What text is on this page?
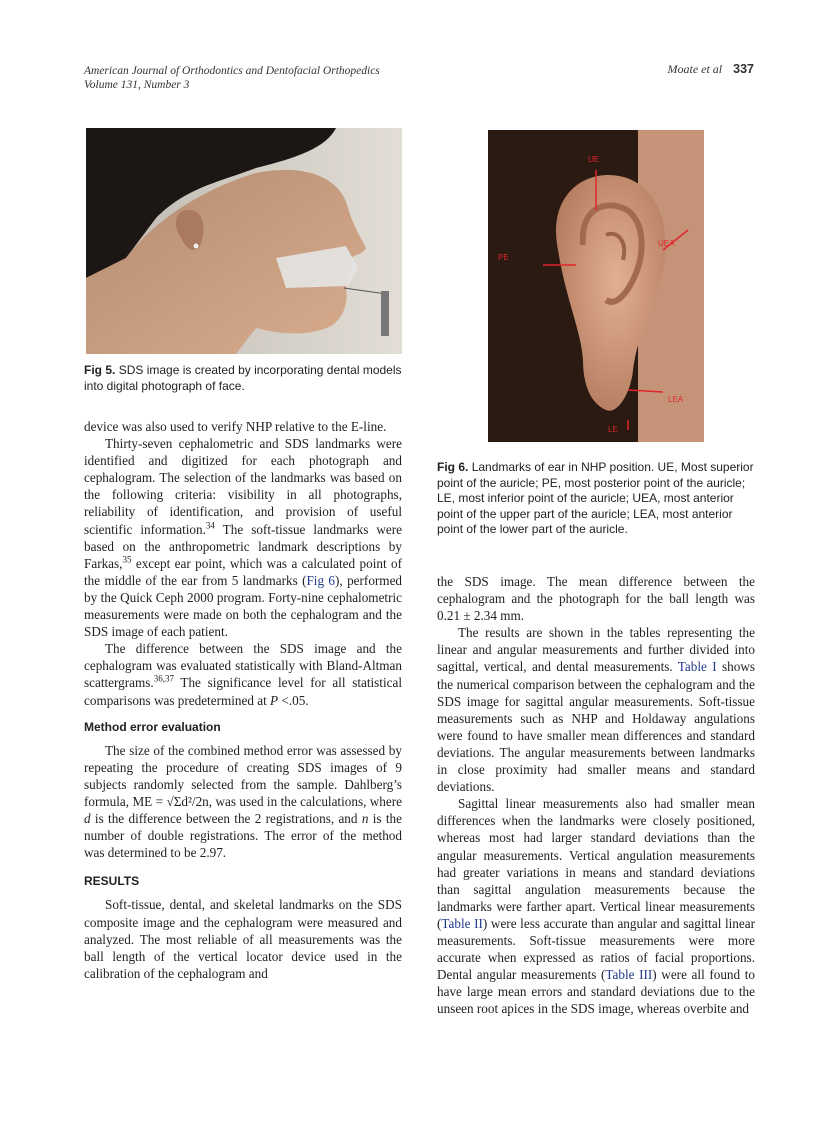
American Journal of Orthodontics and Dentofacial Orthopedics
Volume 131, Number 3
Moate et al 337
Fig 5. SDS image is created by incorporating dental models into digital photograph of face.
UE
UEA
PE
LEA
LE
Fig 6. Landmarks of ear in NHP position. UE, Most superior point of the auricle; PE, most posterior point of the auricle; LE, most inferior point of the auricle; UEA, most anterior point of the upper part of the auricle; LEA, most anterior point of the lower part of the auricle.

device was also used to verify NHP relative to the E-line.

Thirty-seven cephalometric and SDS landmarks were identified and digitized for each photograph and cephalogram. The selection of the landmarks was based on the following criteria: visibility in all photographs, reliability of identification, and provision of useful scientific information.$^{34}$ The soft-tissue landmarks were based on the anthropometric landmark descriptions by Farkas,$^{35}$ except ear point, which was a calculated point of the middle of the ear from 5 landmarks (Fig 6), performed by the Quick Ceph 2000 program. Forty-nine cephalometric measurements were made on both the cephalogram and the SDS image of each patient.

The difference between the SDS image and the cephalogram was evaluated statistically with Bland-Altman scattergrams.$^{36,37}$ The significance level for all statistical comparisons was predetermined at P <.05.

Method error evaluation

The size of the combined method error was assessed by repeating the procedure of creating SDS images of 9 subjects randomly selected from the sample. Dahlberg’s formula, ME = √Σd²/2n, was used in the calculations, where d is the difference between the 2 registrations, and n is the number of double registrations. The error of the method was determined to be 2.97.

RESULTS

Soft-tissue, dental, and skeletal landmarks on the SDS composite image and the cephalogram were measured and analyzed. The most reliable of all measurements was the ball length of the vertical locator device used in the calibration of the cephalogram and

the SDS image. The mean difference between the cephalogram and the photograph for the ball length was 0.21 ± 2.34 mm.

The results are shown in the tables representing the linear and angular measurements and further divided into sagittal, vertical, and dental measurements. Table I shows the numerical comparison between the cephalogram and the SDS image for sagittal angular measurements. Soft-tissue measurements such as NHP and Holdaway angulations were found to have smaller mean differences and standard deviations. The angular measurements between landmarks in close proximity had smaller means and standard deviations.

Sagittal linear measurements also had smaller mean differences when the landmarks were closely positioned, whereas most had larger standard deviations than the angular measurements. Vertical angulation measurements had greater variations in means and standard deviations than sagittal angulation measurements because the landmarks were farther apart. Vertical linear measurements (Table II) were less accurate than angular and sagittal linear measurements. Soft-tissue measurements were more accurate when expressed as ratios of facial proportions. Dental angular measurements (Table III) were all found to have large mean errors and standard deviations due to the unseen root apices in the SDS image, whereas overbite and
